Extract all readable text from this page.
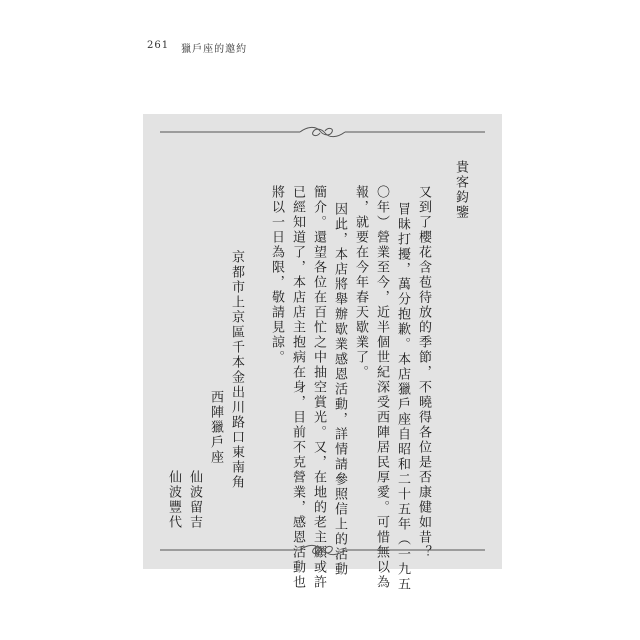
261 獵戶座的邀約
貴客鈞鑒
又到了櫻花含苞待放的季節，不曉得各位是否康健如昔？
冒昧打擾，萬分抱歉。本店獵戶座自昭和二十五年（一九五
〇年）營業至今，近半個世紀深受西陣居民厚愛。可惜無以為
報，就要在今年春天歇業了。
因此，本店將舉辦歇業感恩活動，詳情請參照信上的活動
簡介。還望各位在百忙之中抽空賞光。又，在地的老主顧或許
已經知道了，本店店主抱病在身，目前不克營業，感恩活動也
將以一日為限，敬請見諒。
京都市上京區千本金出川路口東南角
西陣獵戶座
仙波留吉
仙波豐代
